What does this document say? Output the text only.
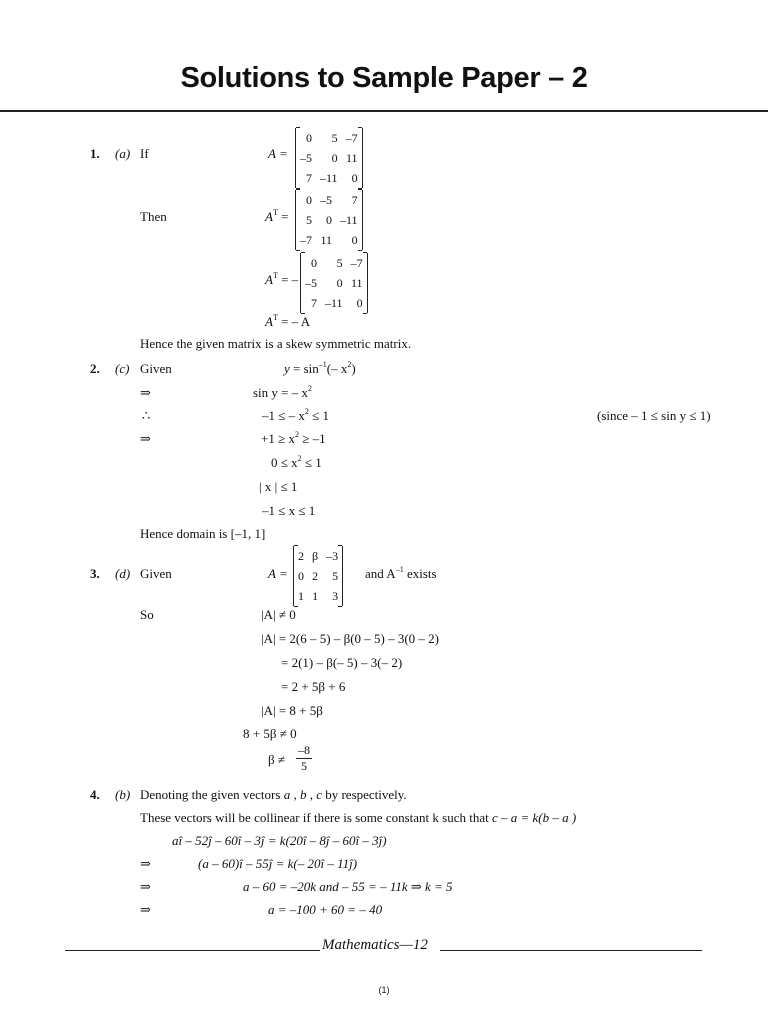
Solutions to Sample Paper – 2
1. (a) If	A =
0	5	–7
–5	0	11
7	–11	0
Then	$A^T$ =
0	–5	7
5	0	–11
–7	11	0
$A^T$ = –
0	5	–7
–5	0	11
7	–11	0
$A^T$ = – A
Hence the given matrix is a skew symmetric matrix.
2. (c) Given	$y = \sin^{-1}(-$ $x^2$)
⇒	sin y = – $x^2$
∴	–1 ≤ – $x^2 \le 1$	(since – 1 ≤ sin y ≤ 1)
⇒	$+1 \ge x^2 \ge -1$
$0 \le x^2 \le 1$
| x | ≤ 1
–1 ≤ x ≤ 1
Hence domain is [–1, 1]
3. (d) Given	A =
2	β	–3
0	2	5
1	1	3
and $A^{-1}$ exists
So	|A| ≠ 0
|A| = 2(6 – 5) – β(0 – 5) – 3(0 – 2)
= 2(1) – β(– 5) – 3(– 2)
= 2 + 5β + 6
|A| = 8 + 5β
8 + 5β ≠ 0
$\beta \ne \frac{-8}{5}$
4. (b) Denoting the given vectors a , b , c by respectively.
These vectors will be collinear if there is some constant k such that c – a = k(b – a )
aî – 52ĵ – 60î – 3ĵ = k(20î – 8ĵ – 60î – 3ĵ)
⇒	(a – 60)î – 55ĵ = k(– 20î – 11ĵ)
⇒	a – 60 = –20k and – 55 = – 11k ⇒ k = 5
⇒	a = –100 + 60 = – 40
Mathematics—12
(1)
